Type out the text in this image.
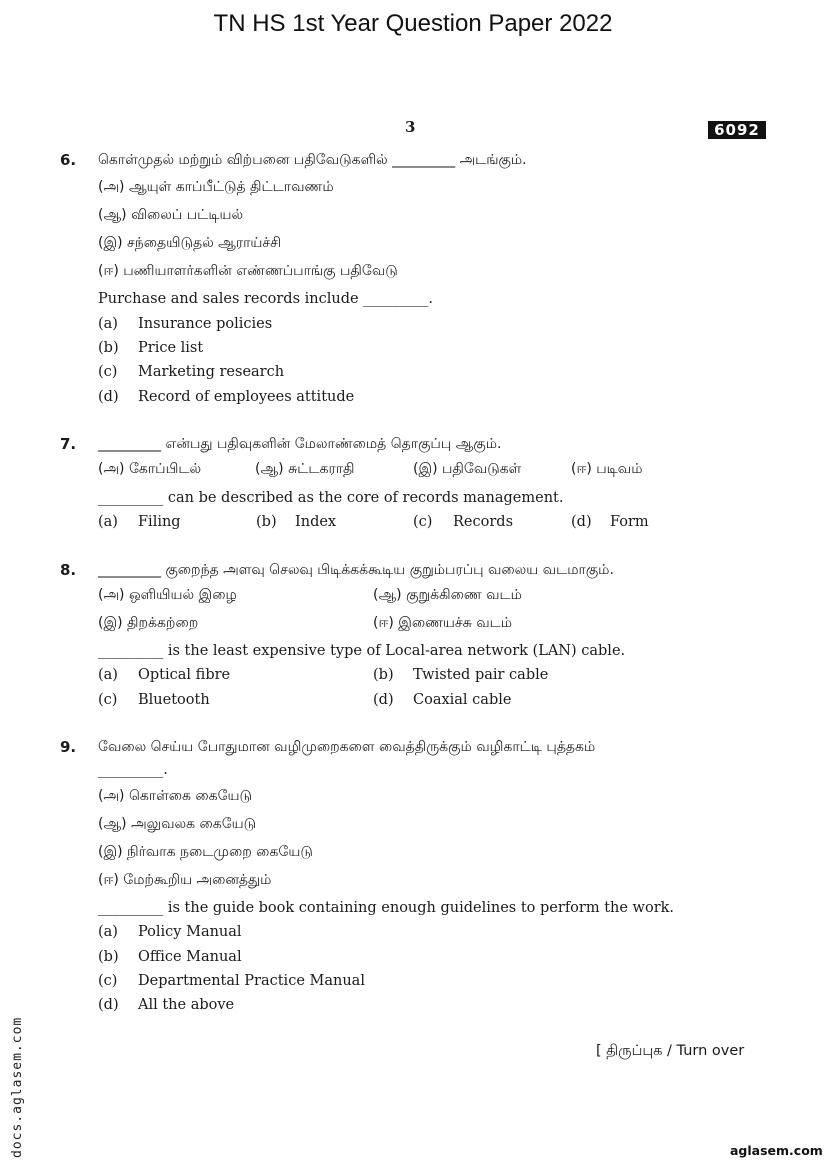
TN HS 1st Year Question Paper 2022
3	6092
6. கொள்முதல் மற்றும் விற்பனை பதிவேடுகளில் _________ அடங்கும்.
(அ) ஆயுள் காப்பீட்டுத் திட்டாவணம்
(ஆ) விலைப் பட்டியல்
(இ) சந்தையிடுதல் ஆராய்ச்சி
(ஈ) பணியாளர்களின் எண்ணப்பாங்கு பதிவேடு
Purchase and sales records include _________.
(a) Insurance policies
(b) Price list
(c) Marketing research
(d) Record of employees attitude
7. _________ என்பது பதிவுகளின் மேலாண்மைத் தொகுப்பு ஆகும்.
(அ) கோப்பிடல்	(ஆ) சுட்டகராதி	(இ) பதிவேடுகள்	(ஈ) படிவம்
_________ can be described as the core of records management.
(a) Filing	(b) Index	(c) Records	(d) Form
8. _________ குறைந்த அளவு செலவு பிடிக்கக்கூடிய குறும்பரப்பு வலைய வடமாகும்.
(அ) ஒளியியல் இழை	(ஆ) குறுக்கிணை வடம்
(இ) திறக்கற்றை	(ஈ) இணையச்சு வடம்
_________ is the least expensive type of Local-area network (LAN) cable.
(a) Optical fibre	(b) Twisted pair cable
(c) Bluetooth	(d) Coaxial cable
9. வேலை செய்ய போதுமான வழிமுறைகளை வைத்திருக்கும் வழிகாட்டி புத்தகம்
_________.
(அ) கொள்கை கையேடு
(ஆ) அலுவலக கையேடு
(இ) நிர்வாக நடைமுறை கையேடு
(ஈ) மேற்கூறிய அனைத்தும்
_________ is the guide book containing enough guidelines to perform the work.
(a) Policy Manual
(b) Office Manual
(c) Departmental Practice Manual
(d) All the above
[ திருப்புக / Turn over
docs.aglasem.com	aglasem.com
